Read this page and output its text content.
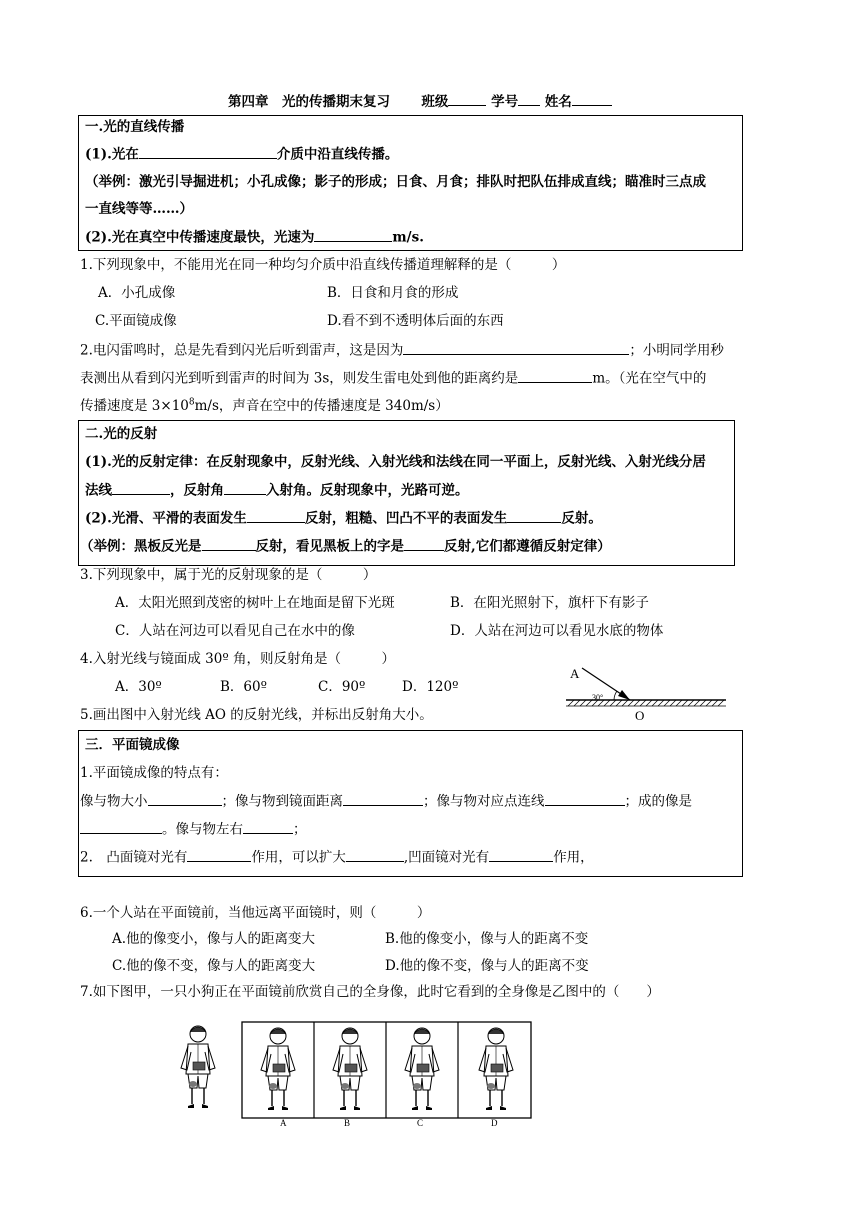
第四章　光的传播期末复习 班级	学号 姓名
一.光的直线传播
(1).光在	介质中沿直线传播。
（举例：激光引导掘进机；小孔成像；影子的形成；日食、月食；排队时把队伍排成直线；瞄准时三点成
一直线等等……）
(2).光在真空中传播速度最快，光速为	m/s.
1.下列现象中，不能用光在同一种均匀介质中沿直线传播道理解释的是（　　　）
A．小孔成像	B．日食和月食的形成
C.平面镜成像	D.看不到不透明体后面的东西
2.电闪雷鸣时，总是先看到闪光后听到雷声，这是因为	；小明同学用秒
表测出从看到闪光到听到雷声的时间为 3s，则发生雷电处到他的距离约是	m。（光在空气中的
传播速度是 $3\times 10^8m/s$，声音在空中的传播速度是 340m/s）
二.光的反射
(1).光的反射定律：在反射现象中，反射光线、入射光线和法线在同一平面上，反射光线、入射光线分居
法线	，反射角	入射角。反射现象中，光路可逆。
(2).光滑、平滑的表面发生	反射，粗糙、凹凸不平的表面发生	反射。
（举例：黑板反光是	反射，看见黑板上的字是	反射,它们都遵循反射定律）
3.下列现象中，属于光的反射现象的是（　　　）
A．太阳光照到茂密的树叶上在地面是留下光斑	B．在阳光照射下，旗杆下有影子
C．人站在河边可以看见自己在水中的像	D．人站在河边可以看见水底的物体
4.入射光线与镜面成 30º 角，则反射角是（　　　）
A．30º	B．60º	C．90º	D．120º
5.画出图中入射光线 AO 的反射光线，并标出反射角大小。
A
30°
O
三．平面镜成像
1.平面镜成像的特点有：
像与物大小	；像与物到镜面距离	；像与物对应点连线	；成的像是
。像与物左右	；
2.　凸面镜对光有	作用，可以扩大	,凹面镜对光有	作用，
6.一个人站在平面镜前，当他远离平面镜时，则（　　　）
A.他的像变小，像与人的距离变大	B.他的像变小，像与人的距离不变
C.他的像不变，像与人的距离变大	D.他的像不变，像与人的距离不变
7.如下图甲，一只小狗正在平面镜前欣赏自己的全身像，此时它看到的全身像是乙图中的（　　）
A	B	C	D
